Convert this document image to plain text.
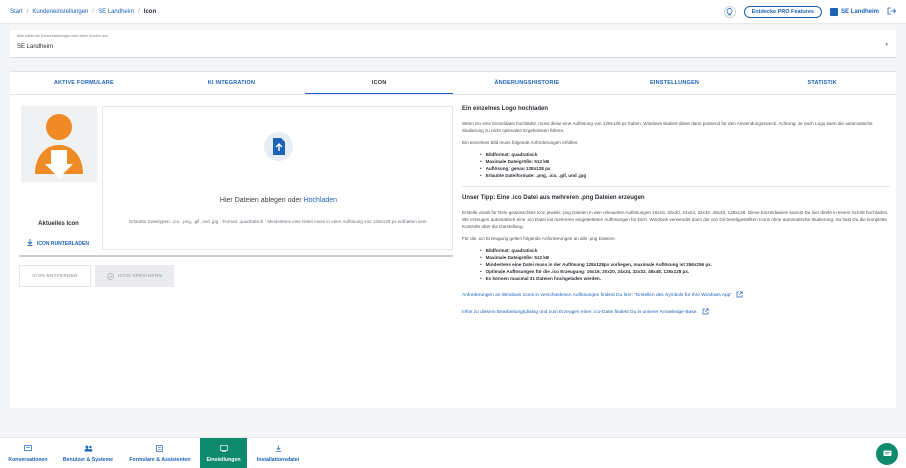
Start / Kundeneinstellungen / SE Landheim / Icon	Entdecke PRO Features	SE Landheim
Bitte wähle die Kontoeinstellungen oder einen Kunden aus
SE Landheim	▾
AKTIVE FORMULARE	KI INTEGRATION	ICON	ÄNDERUNGSHISTORIE	EINSTELLUNGEN	STATISTIK
Aktuelles Icon
ICON RUNTERLADEN
Hier Dateien ablegen oder Hochladen
Erlaubte Dateitypen: .ico, .png, .gif, und .jpg · Format: quadratisch · Mindestens eine Datei muss in einer Auflösung von 128x128 px enthalten sein.
ICON ENTFERNEN	ICON SPEICHERN
Ein einzelnes Logo hochladen
Wenn Du eine Einzeldatei hochlädst, muss diese eine Auflösung von 128x128 px haben. Windows skaliert diese dann passend für den Anwendungszweck. Achtung: Je nach Logo kann die automatische Skalierung zu nicht optimalen Ergebnissen führen.
Ein einzelnes Bild muss folgende Anforderungen erfüllen:
• Bildformat: quadratisch
• Maximale Dateigröße: 512 kB
• Auflösung: genau 128x128 px
• Erlaubte Dateiformate: .png, .ico, .gif, und .jpg
Unser Tipp: Eine .ico Datei aus mehreren .png Dateien erzeugen
Erstelle vorab für Dein gewünschtes Icon jeweils .png Dateien in den relevanten Auflösungen 16x16, 20x20, 24x24, 32x32, 48x48, 128x128. Diese Einzeldateien kannst Du hier direkt in einem Schritt hochladen. Wir erzeugen automatisch eine .ico Datei mit mehreren eingebetteten Auflösungen für Dich. Windows verwendet dann die von Dir bereitgestellten Icons ohne automatische Skalierung. So hast Du die komplette Kontrolle über die Darstellung.
Für die .ico Erzeugung gelten folgende Anforderungen an alle .png Dateien:
• Bildformat: quadratisch
• Maximale Dateigröße: 512 kB
• Mindestens eine Datei muss in der Auflösung 128x128px vorliegen, maximale Auflösung ist 256x256 px.
• Optimale Auflösungen für die .ico Erzeugung: 16x16, 20x20, 24x24, 32x32, 48x48, 128x128 px.
• Es können maximal 31 Dateien hochgeladen werden.
Anforderungen an Windows Icons in verschiedenen Auflösungen findest Du hier: "Erstellen des Symbols für Ihre Windows App"
Infos zu diesem Bearbeitungsdialog und zum Erzeugen einer .ico-Datei findest Du in unserer Knowledge-Base.
Konversationen	Benutzer & Systeme	Formulare & Assistenten	Einstellungen	Installationsdatei
